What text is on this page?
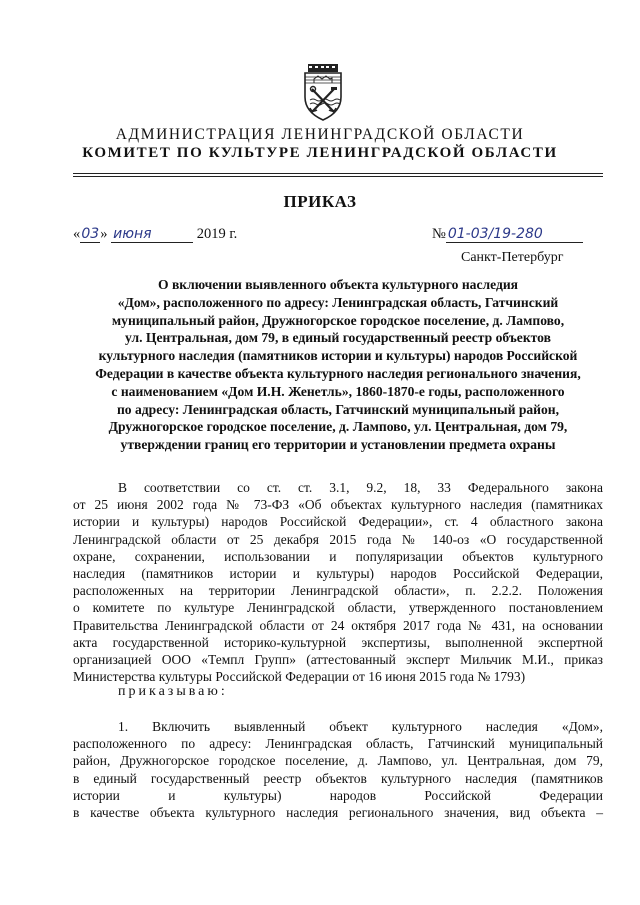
АДМИНИСТРАЦИЯ ЛЕНИНГРАДСКОЙ ОБЛАСТИ
КОМИТЕТ ПО КУЛЬТУРЕ ЛЕНИНГРАДСКОЙ ОБЛАСТИ
ПРИКАЗ
«03» июня	2019 г.	№ 01-03/19-280
Санкт-Петербург
О включении выявленного объекта культурного наследия
«Дом», расположенного по адресу: Ленинградская область, Гатчинский
муниципальный район, Дружногорское городское поселение, д. Лампово,
ул. Центральная, дом 79, в единый государственный реестр объектов
культурного наследия (памятников истории и культуры) народов Российской
Федерации в качестве объекта культурного наследия регионального значения,
с наименованием «Дом И.Н. Женетль», 1860-1870-е годы, расположенного
по адресу: Ленинградская область, Гатчинский муниципальный район,
Дружногорское городское поселение, д. Лампово, ул. Центральная, дом 79,
утверждении границ его территории и установлении предмета охраны
В соответствии со ст. ст. 3.1, 9.2, 18, 33 Федерального закона
от 25 июня 2002 года № 73-ФЗ «Об объектах культурного наследия (памятниках
истории и культуры) народов Российской Федерации», ст. 4 областного закона
Ленинградской области от 25 декабря 2015 года № 140-оз «О государственной
охране, сохранении, использовании и популяризации объектов культурного
наследия (памятников истории и культуры) народов Российской Федерации,
расположенных на территории Ленинградской области», п. 2.2.2. Положения
о комитете по культуре Ленинградской области, утвержденного постановлением
Правительства Ленинградской области от 24 октября 2017 года № 431, на основании
акта государственной историко-культурной экспертизы, выполненной экспертной
организацией ООО «Темпл Групп» (аттестованный эксперт Мильчик М.И., приказ
Министерства культуры Российской Федерации от 16 июня 2015 года № 1793)
приказываю:
1. Включить выявленный объект культурного наследия «Дом»,
расположенного по адресу: Ленинградская область, Гатчинский муниципальный
район, Дружногорское городское поселение, д. Лампово, ул. Центральная, дом 79,
в единый государственный реестр объектов культурного наследия (памятников
истории и культуры) народов Российской Федерации
в качестве объекта культурного наследия регионального значения, вид объекта –
